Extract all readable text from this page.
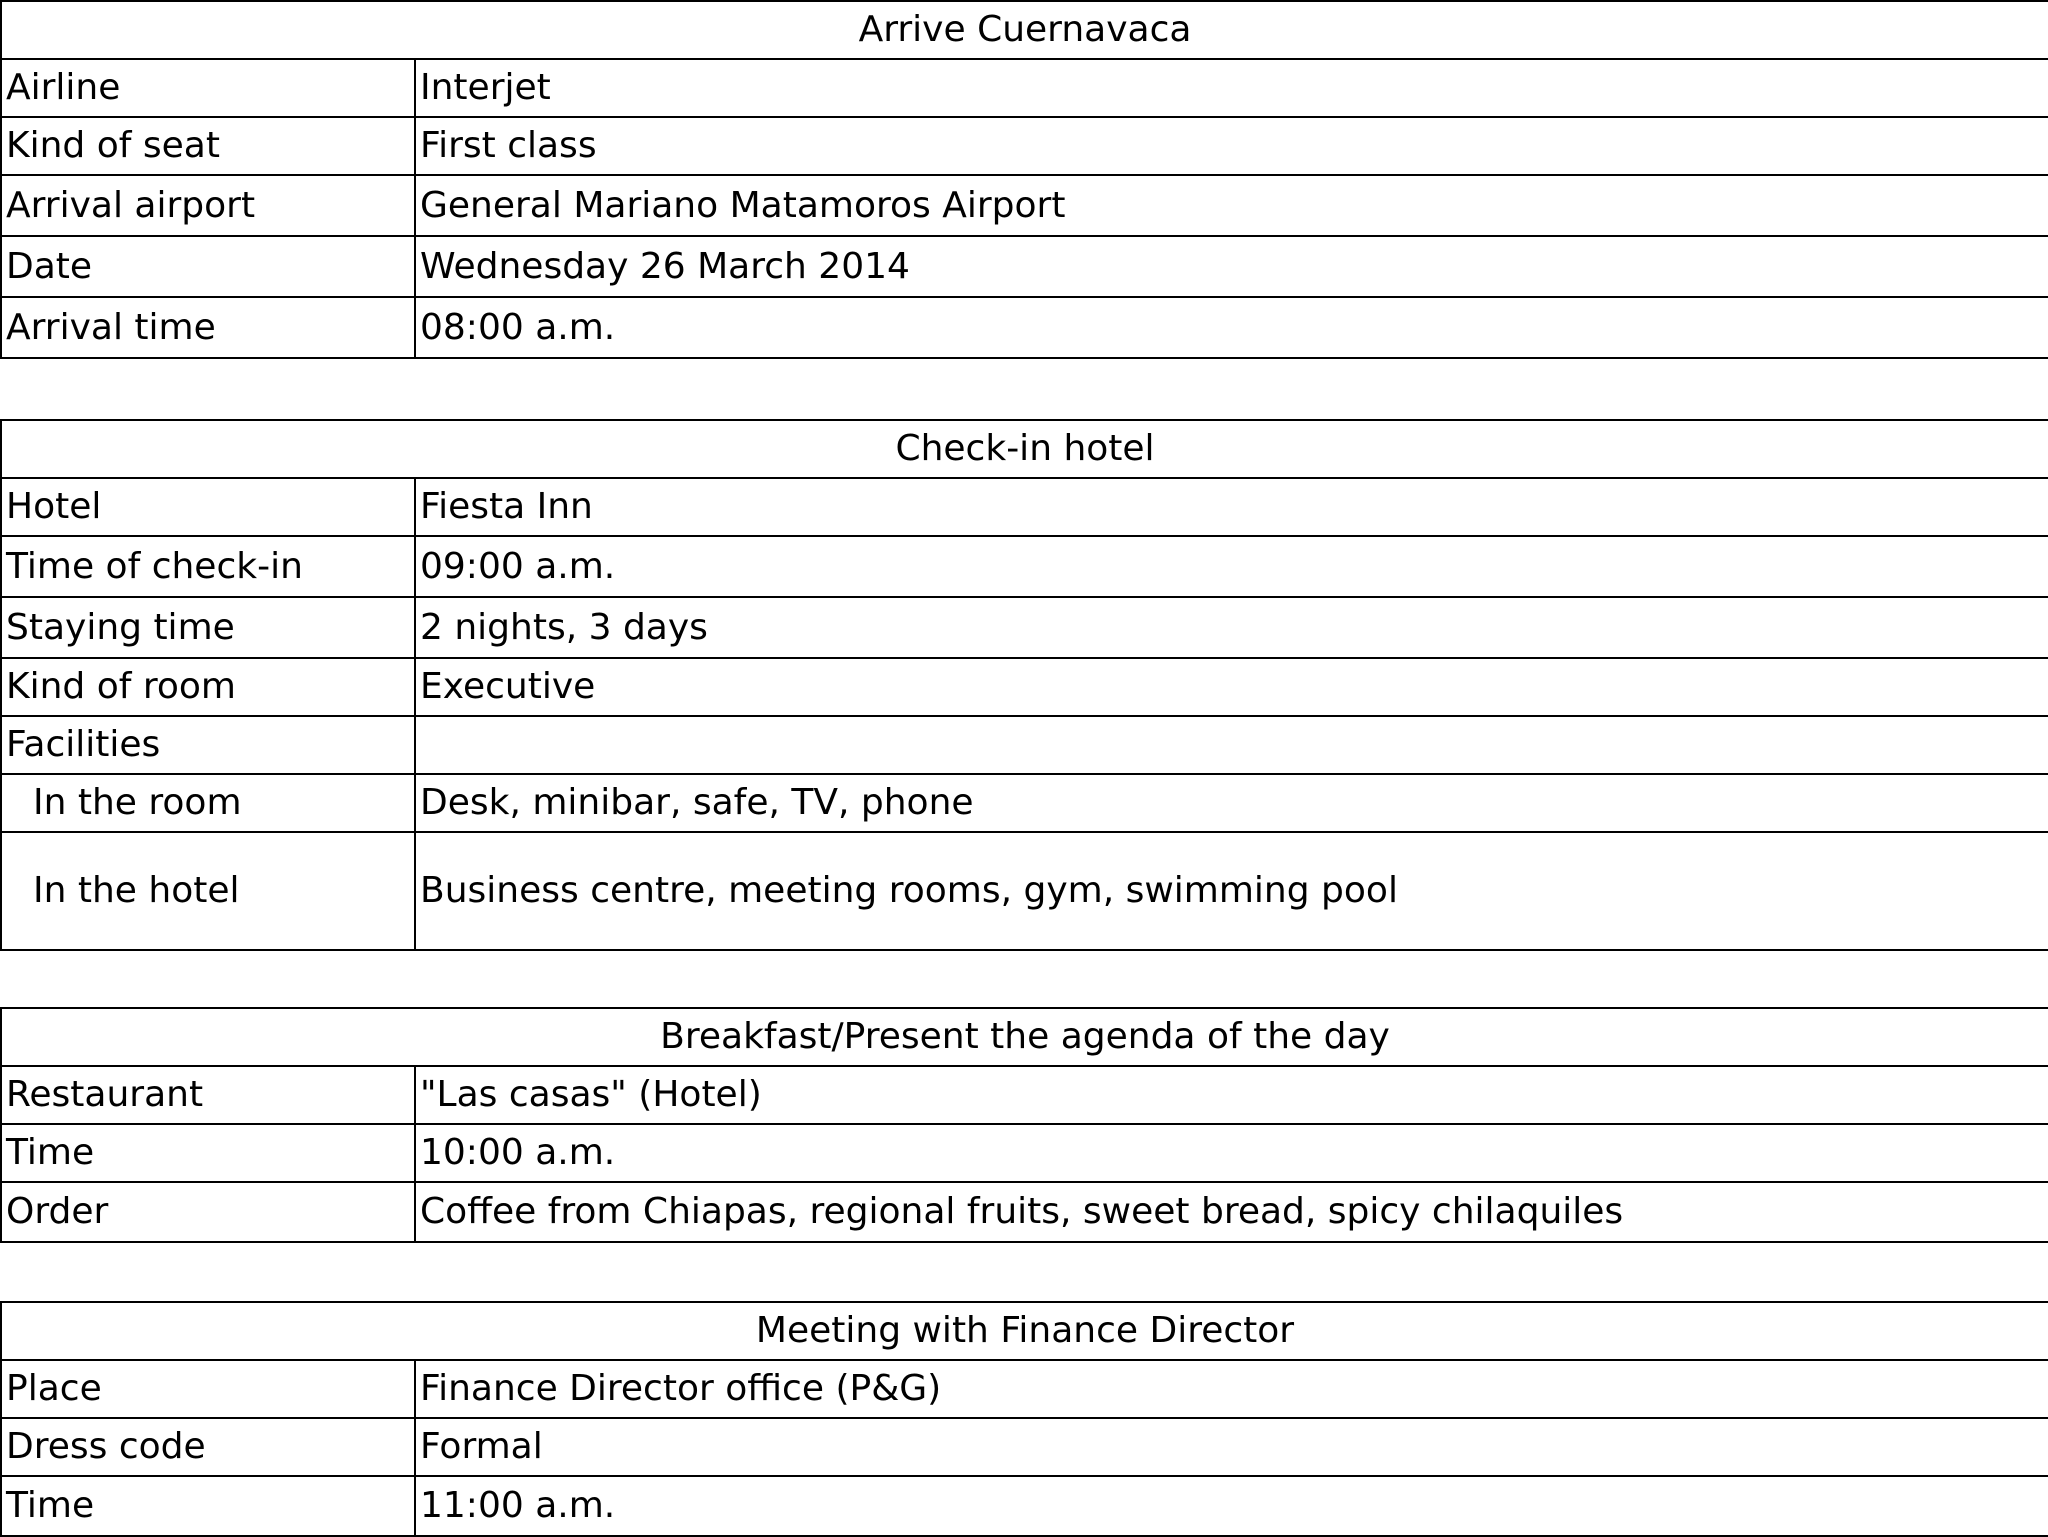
Arrive Cuernavaca	
Airline	Interjet
Kind of seat	First class
Arrival airport	General Mariano Matamoros Airport
Date	Wednesday 26 March 2014
Arrival time	08:00 a.m.
Check-in hotel	
Hotel	Fiesta Inn
Time of check-in	09:00 a.m.
Staying time	2 nights, 3 days
Kind of room	Executive
Facilities	
In the room	Desk, minibar, safe, TV, phone
In the hotel	Business centre, meeting rooms, gym, swimming pool
Breakfast/Present the agenda of the day	
Restaurant	"Las casas" (Hotel)
Time	10:00 a.m.
Order	Coffee from Chiapas, regional fruits, sweet bread, spicy chilaquiles
Meeting with Finance Director	
Place	Finance Director office (P&G)
Dress code	Formal
Time	11:00 a.m.
